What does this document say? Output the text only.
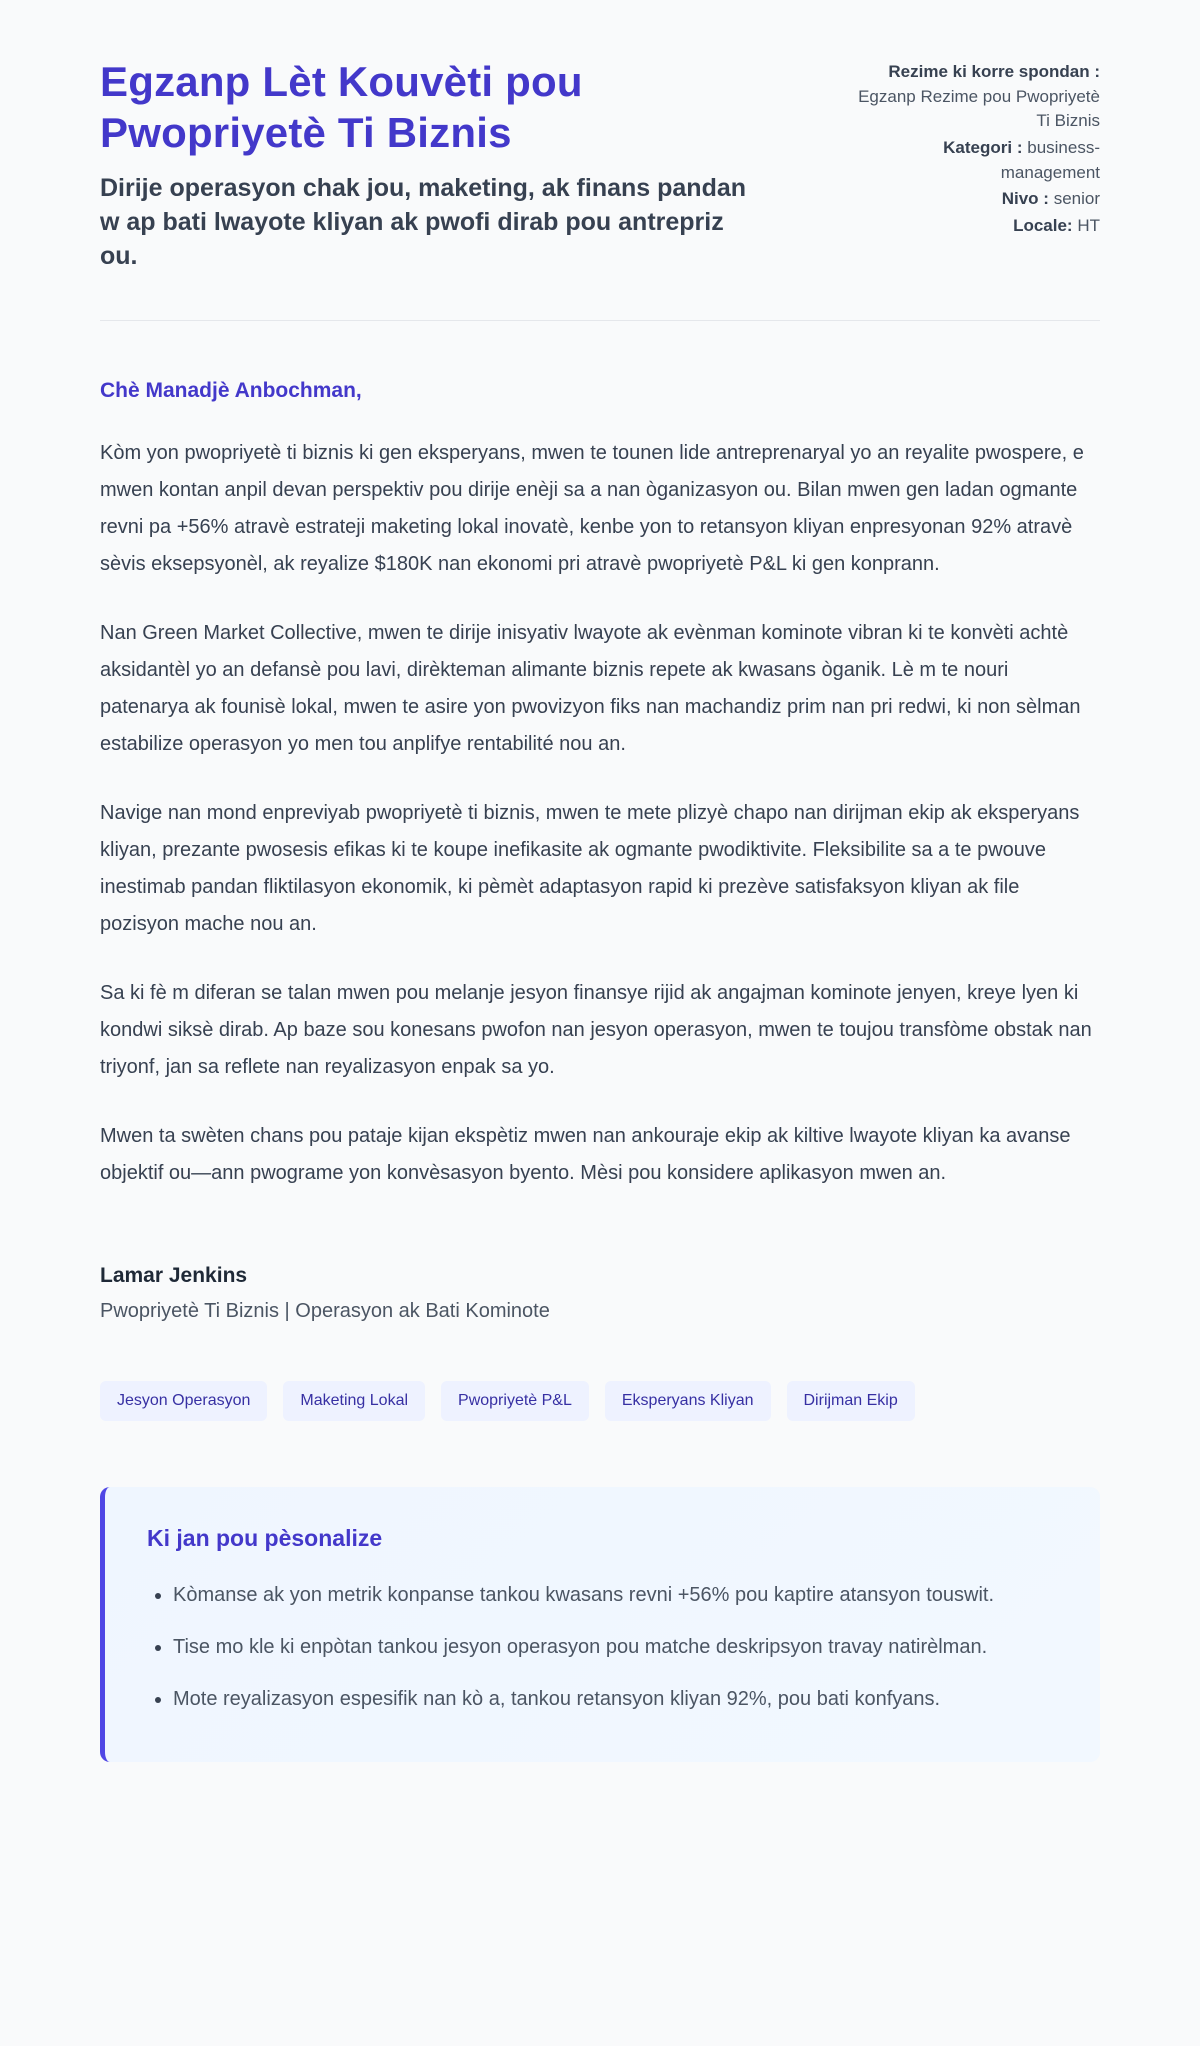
Egzanp Lèt Kouvèti pou Pwopriyetè Ti Biznis

Dirije operasyon chak jou, maketing, ak finans pandan w ap bati lwayote kliyan ak pwofi dirab pou antrepriz ou.

Rezime ki korre spondan : Egzanp Rezime pou Pwopriyetè Ti Biznis
Kategori : business-management
Nivo : senior
Locale: HT

Chè Manadjè Anbochman,

Kòm yon pwopriyetè ti biznis ki gen eksperyans, mwen te tounen lide antreprenaryal yo an reyalite pwospere, e mwen kontan anpil devan perspektiv pou dirije enèji sa a nan òganizasyon ou. Bilan mwen gen ladan ogmante revni pa +56% atravè estrateji maketing lokal inovatè, kenbe yon to retansyon kliyan enpresyonan 92% atravè sèvis eksepsyonèl, ak reyalize $180K nan ekonomi pri atravè pwopriyetè P&L ki gen konprann.

Nan Green Market Collective, mwen te dirije inisyativ lwayote ak evènman kominote vibran ki te konvèti achtè aksidantèl yo an defansè pou lavi, dirèkteman alimante biznis repete ak kwasans òganik. Lè m te nouri patenarya ak founisè lokal, mwen te asire yon pwovizyon fiks nan machandiz prim nan pri redwi, ki non sèlman estabilize operasyon yo men tou anplifye rentabilité nou an.

Navige nan mond enpreviyab pwopriyetè ti biznis, mwen te mete plizyè chapo nan dirijman ekip ak eksperyans kliyan, prezante pwosesis efikas ki te koupe inefikasite ak ogmante pwodiktivite. Fleksibilite sa a te pwouve inestimab pandan fliktilasyon ekonomik, ki pèmèt adaptasyon rapid ki prezève satisfaksyon kliyan ak file pozisyon mache nou an.

Sa ki fè m diferan se talan mwen pou melanje jesyon finansye rijid ak angajman kominote jenyen, kreye lyen ki kondwi siksè dirab. Ap baze sou konesans pwofon nan jesyon operasyon, mwen te toujou transfòme obstak nan triyonf, jan sa reflete nan reyalizasyon enpak sa yo.

Mwen ta swèten chans pou pataje kijan ekspètiz mwen nan ankouraje ekip ak kiltive lwayote kliyan ka avanse objektif ou—ann pwograme yon konvèsasyon byento. Mèsi pou konsidere aplikasyon mwen an.

Lamar Jenkins

Pwopriyetè Ti Biznis | Operasyon ak Bati Kominote

Jesyon Operasyon	Maketing Lokal	Pwopriyetè P&L	Eksperyans Kliyan	Dirijman Ekip
Ki jan pou pèsonalize
• Kòmanse ak yon metrik konpanse tankou kwasans revni +56% pou kaptire atansyon touswit.
• Tise mo kle ki enpòtan tankou jesyon operasyon pou matche deskripsyon travay natirèlman.
• Mote reyalizasyon espesifik nan kò a, tankou retansyon kliyan 92%, pou bati konfyans.
